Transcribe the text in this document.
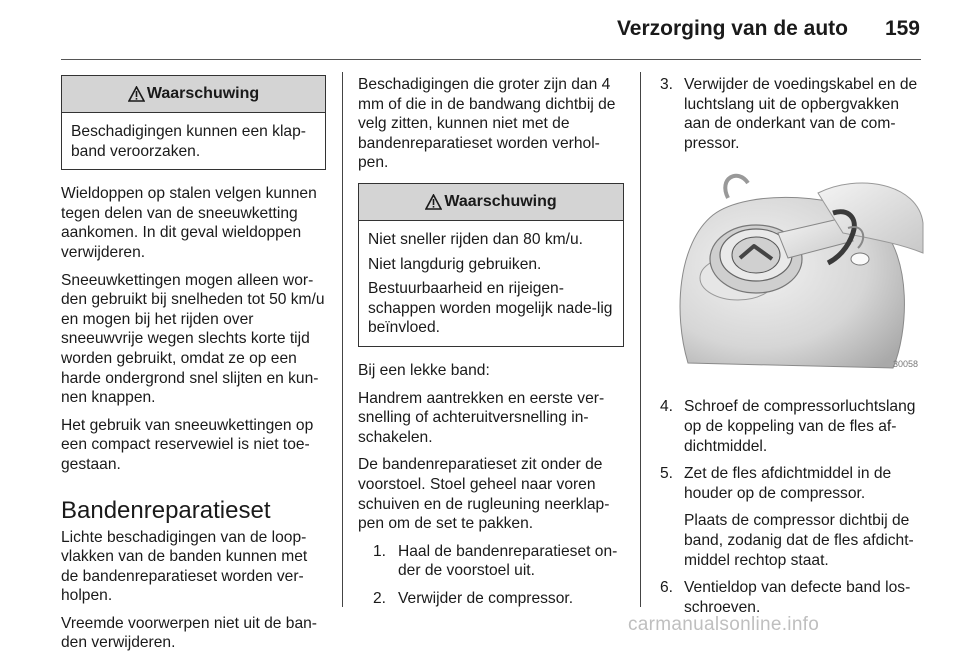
Verzorging van de auto 159
Waarschuwing

Beschadigingen kunnen een klap-band veroorzaken.

Wieldoppen op stalen velgen kunnen tegen delen van de sneeuwketting aankomen. In dit geval wieldoppen verwijderen.

Sneeuwkettingen mogen alleen wor-den gebruikt bij snelheden tot 50 km/u en mogen bij het rijden over sneeuwvrije wegen slechts korte tijd worden gebruikt, omdat ze op een harde ondergrond snel slijten en kun-nen knappen.

Het gebruik van sneeuwkettingen op een compact reservewiel is niet toe-gestaan.

Bandenreparatieset

Lichte beschadigingen van de loop-vlakken van de banden kunnen met de bandenreparatieset worden ver-holpen.

Vreemde voorwerpen niet uit de ban-den verwijderen.

Beschadigingen die groter zijn dan 4 mm of die in de bandwang dichtbij de velg zitten, kunnen niet met de bandenreparatieset worden verhol-pen.

Waarschuwing

Niet sneller rijden dan 80 km/u.

Niet langdurig gebruiken.

Bestuurbaarheid en rijeigen-schappen worden mogelijk nade-lig beïnvloed.

Bij een lekke band:

Handrem aantrekken en eerste ver-snelling of achteruitversnelling in-schakelen.

De bandenreparatieset zit onder de voorstoel. Stoel geheel naar voren schuiven en de rugleuning neerklap-pen om de set te pakken.

1. Haal de bandenreparatieset on-der de voorstoel uit.
2. Verwijder de compressor.
3. Verwijder de voedingskabel en de luchtslang uit de opbergvakken aan de onderkant van de com-pressor.
30058
4. Schroef de compressorluchtslang op de koppeling van de fles af-dichtmiddel.
5. Zet de fles afdichtmiddel in de houder op de compressor.

Plaats de compressor dichtbij de band, zodanig dat de fles afdicht-middel rechtop staat.

6. Ventieldop van defecte band los-schroeven.
carmanualsonline.info
